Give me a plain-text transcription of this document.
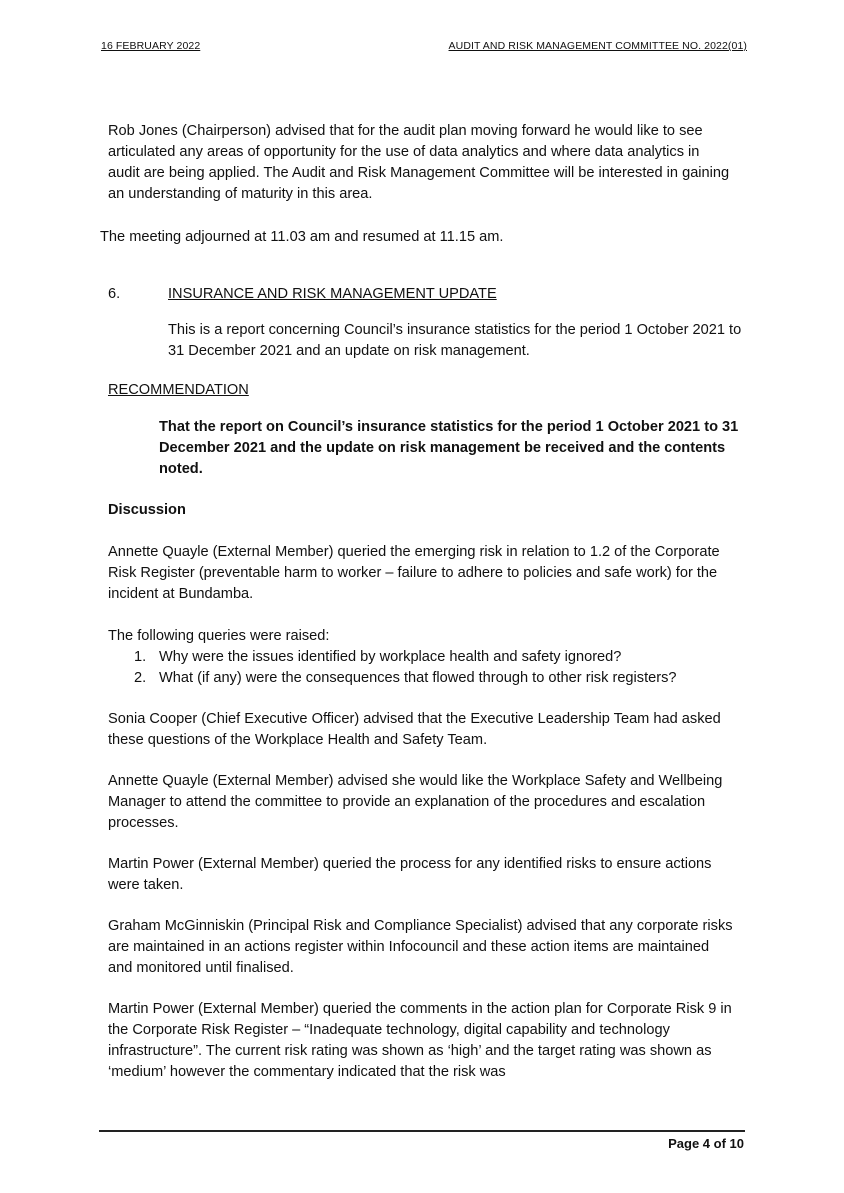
16 FEBRUARY 2022	AUDIT AND RISK MANAGEMENT COMMITTEE NO. 2022(01)

Rob Jones (Chairperson) advised that for the audit plan moving forward he would like to see articulated any areas of opportunity for the use of data analytics and where data analytics in audit are being applied. The Audit and Risk Management Committee will be interested in gaining an understanding of maturity in this area.

The meeting adjourned at 11.03 am and resumed at 11.15 am.

6.	INSURANCE AND RISK MANAGEMENT UPDATE

This is a report concerning Council’s insurance statistics for the period 1 October 2021 to 31 December 2021 and an update on risk management.

RECOMMENDATION
That the report on Council’s insurance statistics for the period 1 October 2021 to 31 December 2021 and the update on risk management be received and the contents noted.
Discussion

Annette Quayle (External Member) queried the emerging risk in relation to 1.2 of the Corporate Risk Register (preventable harm to worker – failure to adhere to policies and safe work) for the incident at Bundamba.

The following queries were raised:

1. Why were the issues identified by workplace health and safety ignored?
2. What (if any) were the consequences that flowed through to other risk registers?

Sonia Cooper (Chief Executive Officer) advised that the Executive Leadership Team had asked these questions of the Workplace Health and Safety Team.

Annette Quayle (External Member) advised she would like the Workplace Safety and Wellbeing Manager to attend the committee to provide an explanation of the procedures and escalation processes.

Martin Power (External Member) queried the process for any identified risks to ensure actions were taken.

Graham McGinniskin (Principal Risk and Compliance Specialist) advised that any corporate risks are maintained in an actions register within Infocouncil and these action items are maintained and monitored until finalised.

Martin Power (External Member) queried the comments in the action plan for Corporate Risk 9 in the Corporate Risk Register – “Inadequate technology, digital capability and technology infrastructure”. The current risk rating was shown as ‘high’ and the target rating was shown as ‘medium’ however the commentary indicated that the risk was

Page 4 of 10
